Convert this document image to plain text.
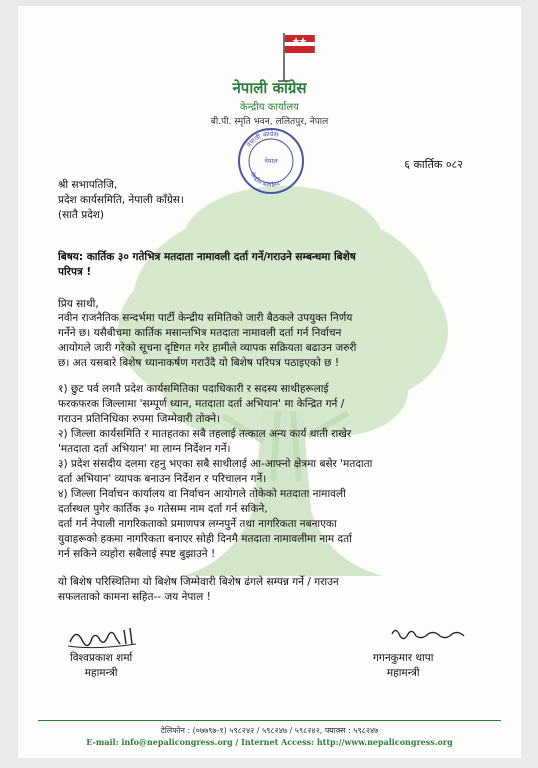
नेपाली कांग्रेस
केन्द्रीय कार्यालय
बी.पी. स्मृति भवन, ललितपुर, नेपाल
नेपाली कांग्रेस
केन्द्रीय कार्यालय
नेपाल	६ कार्तिक ०८२
श्री सभापतिजि,
प्रदेश कार्यसमिति, नेपाली काँग्रेस।
(सातै प्रदेश)
बिषय: कार्तिक ३० गतेभित्र मतदाता नामावली दर्ता गर्ने/गराउने सम्बन्धमा बिशेष
परिपत्र !
प्रिय साथी,
नवीन राजनैतिक सन्दर्भमा पार्टी केन्द्रीय समितिको जारी बैठकले उपयुक्त निर्णय
गर्नेने छ। यसैबीचमा कार्तिक मसान्तभित्र मतदाता नामावली दर्ता गर्न निर्वाचन
आयोगले जारी गरेको सूचना दृष्टिगत गरेर हामीले व्यापक सक्रियता बढाउन जरुरी
छ। अत यसबारे बिशेष ध्यानाकर्षण गराउँदै यो बिशेष परिपत्र पठाइएको छ !
१) छुट पर्व लगतै प्रदेश कार्यसमितिका पदाधिकारी र सदस्य साथीहरूलाई
फरकफरक जिल्लामा 'सम्पूर्ण ध्यान, मतदाता दर्ता अभियान' मा केन्द्रित गर्न /
गराउन प्रतिनिधिका रुपमा जिम्मेवारी तोक्ने।
२) जिल्ला कार्यसमिति र मातहतका सबै तहलाई तत्काल अन्य कार्य थाती राखेर
'मतदाता दर्ता अभियान' मा लाग्न निर्देशन गर्ने।
३) प्रदेश संसदीय दलमा रहनु भएका सबै साथीलाई आ-आफ्नो क्षेत्रमा बसेर 'मतदाता
दर्ता अभियान' व्यापक बनाउन निर्देशन र परिचालन गर्ने।
४) जिल्ला निर्वाचन कार्यालय वा निर्वाचन आयोगले तोकेको मतदाता नामावली
दर्तास्थल पुगेर कार्तिक ३० गतेसम्म नाम दर्ता गर्न सकिने,
दर्ता गर्न नेपाली नागरिकताको प्रमाणपत्र लग्नपुर्ने तथा नागरिकता नबनाएका
युवाहरूको हकमा नागरिकता बनाएर सोही दिनमै मतदाता नामावलीमा नाम दर्ता
गर्न सकिने व्यहोरा सबैलाई स्पष्ट बुझाउने !
यो बिशेष परिस्थितिमा यो बिशेष जिम्मेवारी बिशेष ढंगले सम्पन्न गर्ने / गराउन
सफलताको कामना सहित-- जय नेपाल !
विश्वप्रकाश शर्मा
महामन्त्री
गगनकुमार थापा
महामन्त्री
टेलिफोन : (०७७९७-१) ५९८२४२ / ५९८२४७ / ५९८२४२, फ्याक्स : ५९८२४७
E-mail: info@nepalicongress.org / Internet Access: http://www.nepalicongress.org
